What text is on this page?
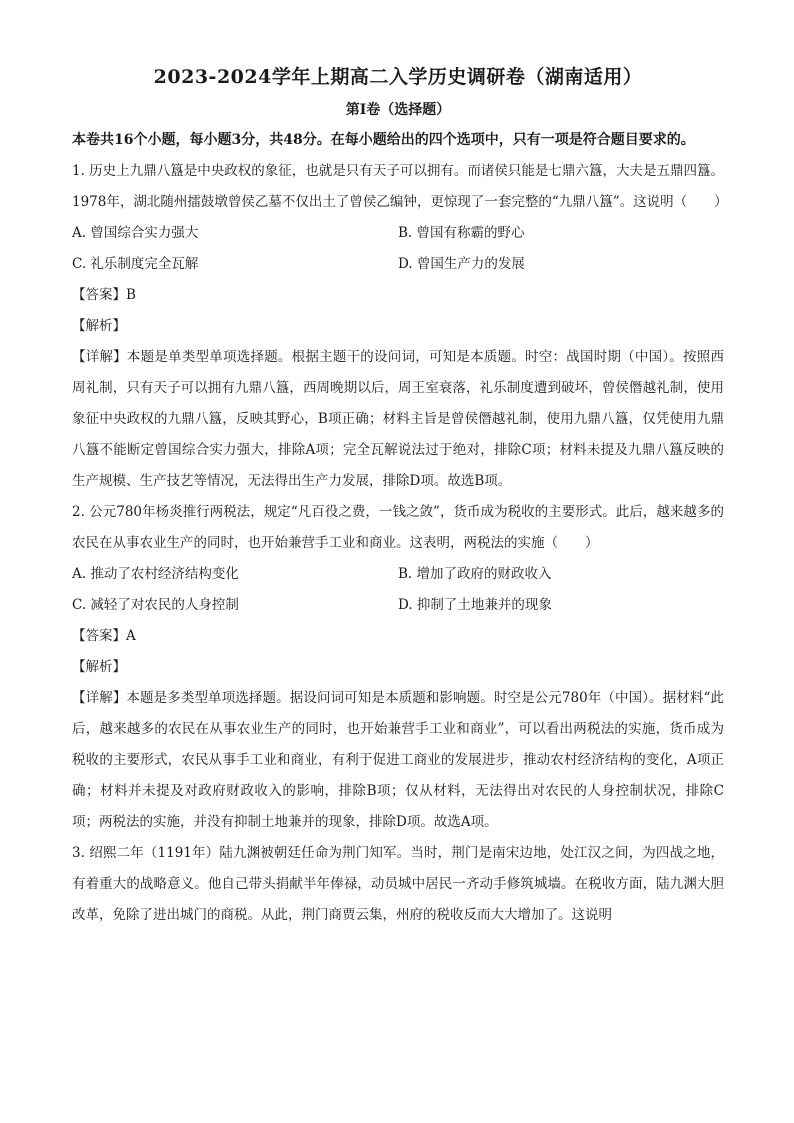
2023-2024学年上期高二入学历史调研卷（湖南适用）
第Ⅰ卷（选择题）

本卷共16个小题，每小题3分，共48分。在每小题给出的四个选项中，只有一项是符合题目要求的。

1. 历史上九鼎八簋是中央政权的象征，也就是只有天子可以拥有。而诸侯只能是七鼎六簋，大夫是五鼎四簋。1978年，湖北随州擂鼓墩曾侯乙墓不仅出土了曾侯乙编钟，更惊现了一套完整的“九鼎八簋”。这说明（　　）

A. 曾国综合实力强大	B. 曾国有称霸的野心
C. 礼乐制度完全瓦解	D. 曾国生产力的发展

【答案】B

【解析】

【详解】本题是单类型单项选择题。根据主题干的设问词，可知是本质题。时空：战国时期（中国）。按照西周礼制，只有天子可以拥有九鼎八簋，西周晚期以后，周王室衰落，礼乐制度遭到破坏，曾侯僭越礼制，使用象征中央政权的九鼎八簋，反映其野心，B项正确；材料主旨是曾侯僭越礼制，使用九鼎八簋，仅凭使用九鼎八簋不能断定曾国综合实力强大，排除A项；完全瓦解说法过于绝对，排除C项；材料未提及九鼎八簋反映的生产规模、生产技艺等情况，无法得出生产力发展，排除D项。故选B项。

2. 公元780年杨炎推行两税法，规定“凡百役之费，一钱之敛”，货币成为税收的主要形式。此后，越来越多的农民在从事农业生产的同时，也开始兼营手工业和商业。这表明，两税法的实施（　　）

A. 推动了农村经济结构变化	B. 增加了政府的财政收入
C. 减轻了对农民的人身控制	D. 抑制了土地兼并的现象

【答案】A

【解析】

【详解】本题是多类型单项选择题。据设问词可知是本质题和影响题。时空是公元780年（中国）。据材料“此后，越来越多的农民在从事农业生产的同时，也开始兼营手工业和商业”，可以看出两税法的实施，货币成为税收的主要形式，农民从事手工业和商业，有利于促进工商业的发展进步，推动农村经济结构的变化，A项正确；材料并未提及对政府财政收入的影响，排除B项；仅从材料，无法得出对农民的人身控制状况，排除C项；两税法的实施，并没有抑制土地兼并的现象，排除D项。故选A项。

3. 绍熙二年（1191年）陆九渊被朝廷任命为荆门知军。当时，荆门是南宋边地，处江汉之间，为四战之地，有着重大的战略意义。他自己带头捐献半年俸禄，动员城中居民一齐动手修筑城墙。在税收方面，陆九渊大胆改革，免除了进出城门的商税。从此，荆门商贾云集，州府的税收反而大大增加了。这说明
